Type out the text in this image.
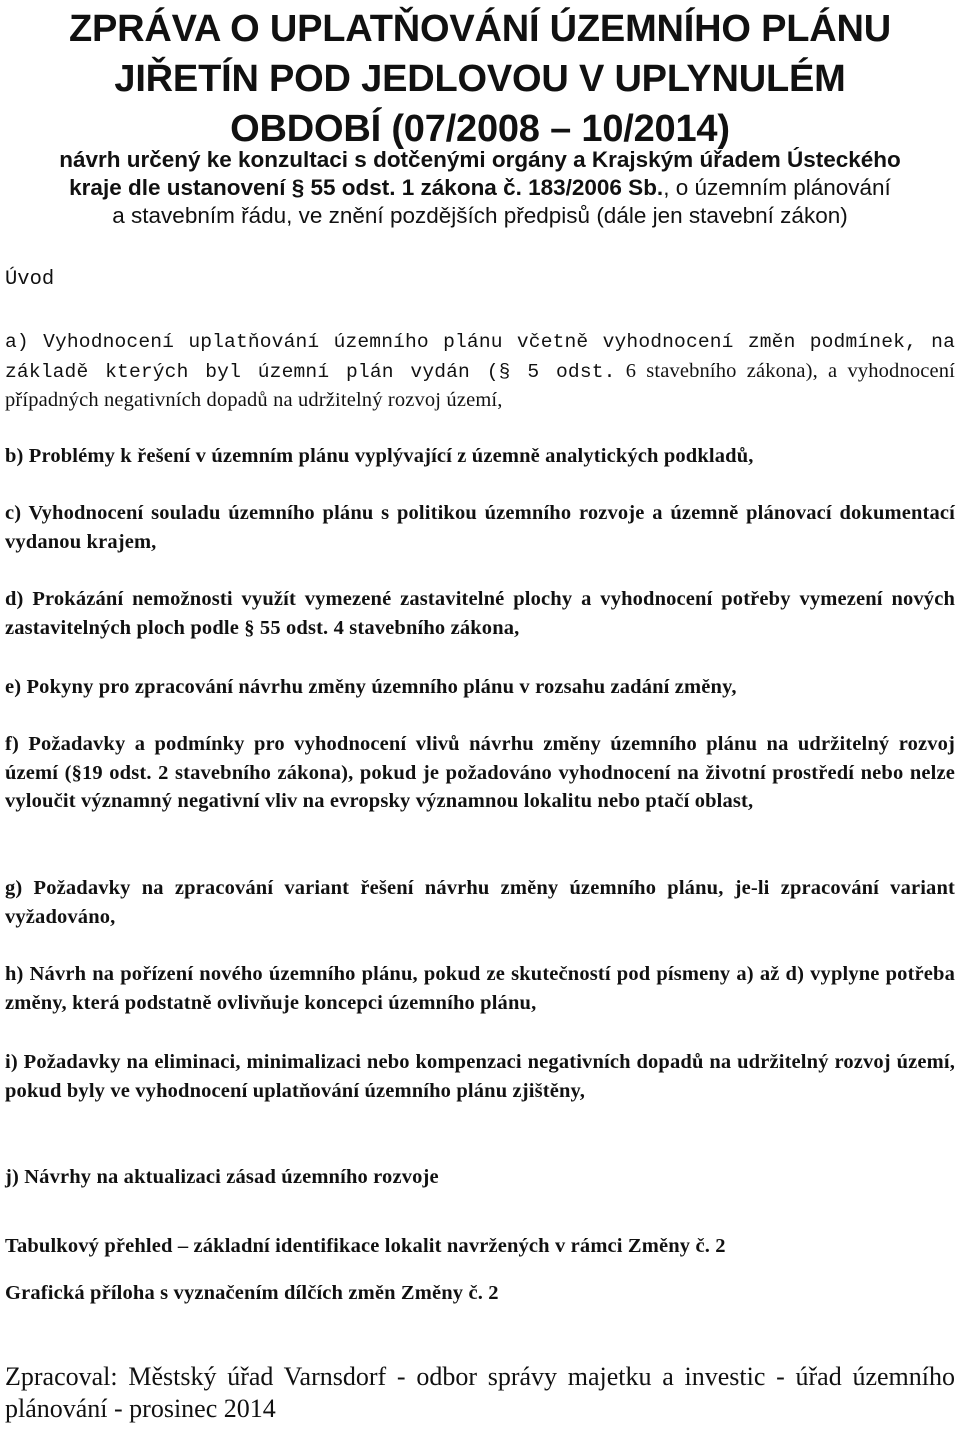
ZPRÁVA O UPLATŇOVÁNÍ ÚZEMNÍHO PLÁNU
JIŘETÍN POD JEDLOVOU V UPLYNULÉM
OBDOBÍ (07/2008 – 10/2014)
návrh určený ke konzultaci s dotčenými orgány a Krajským úřadem Ústeckého
kraje dle ustanovení § 55 odst. 1 zákona č. 183/2006 Sb., o územním plánování
a stavebním řádu, ve znění pozdějších předpisů (dále jen stavební zákon)
Úvod
a) Vyhodnocení uplatňování územního plánu včetně vyhodnocení změn podmínek, na základě kterých byl územní plán vydán (§ 5 odst. 6 stavebního zákona), a vyhodnocení případných negativních dopadů na udržitelný rozvoj území,
b) Problémy k řešení v územním plánu vyplývající z územně analytických podkladů,
c) Vyhodnocení souladu územního plánu s politikou územního rozvoje a územně plánovací dokumentací vydanou krajem,
d) Prokázání nemožnosti využít vymezené zastavitelné plochy a vyhodnocení potřeby vymezení nových zastavitelných ploch podle § 55 odst. 4 stavebního zákona,
e) Pokyny pro zpracování návrhu změny územního plánu v rozsahu zadání změny,
f) Požadavky a podmínky pro vyhodnocení vlivů návrhu změny územního plánu na udržitelný rozvoj území (§19 odst. 2 stavebního zákona), pokud je požadováno vyhodnocení na životní prostředí nebo nelze vyloučit významný negativní vliv na evropsky významnou lokalitu nebo ptačí oblast,
g) Požadavky na zpracování variant řešení návrhu změny územního plánu, je-li zpracování variant vyžadováno,
h) Návrh na pořízení nového územního plánu, pokud ze skutečností pod písmeny a) až d) vyplyne potřeba změny, která podstatně ovlivňuje koncepci územního plánu,
i) Požadavky na eliminaci, minimalizaci nebo kompenzaci negativních dopadů na udržitelný rozvoj území, pokud byly ve vyhodnocení uplatňování územního plánu zjištěny,
j) Návrhy na aktualizaci zásad územního rozvoje
Tabulkový přehled – základní identifikace lokalit navržených v rámci Změny č. 2
Grafická příloha s vyznačením dílčích změn Změny č. 2
Zpracoval: Městský úřad Varnsdorf - odbor správy majetku a investic - úřad územního plánování - prosinec 2014
